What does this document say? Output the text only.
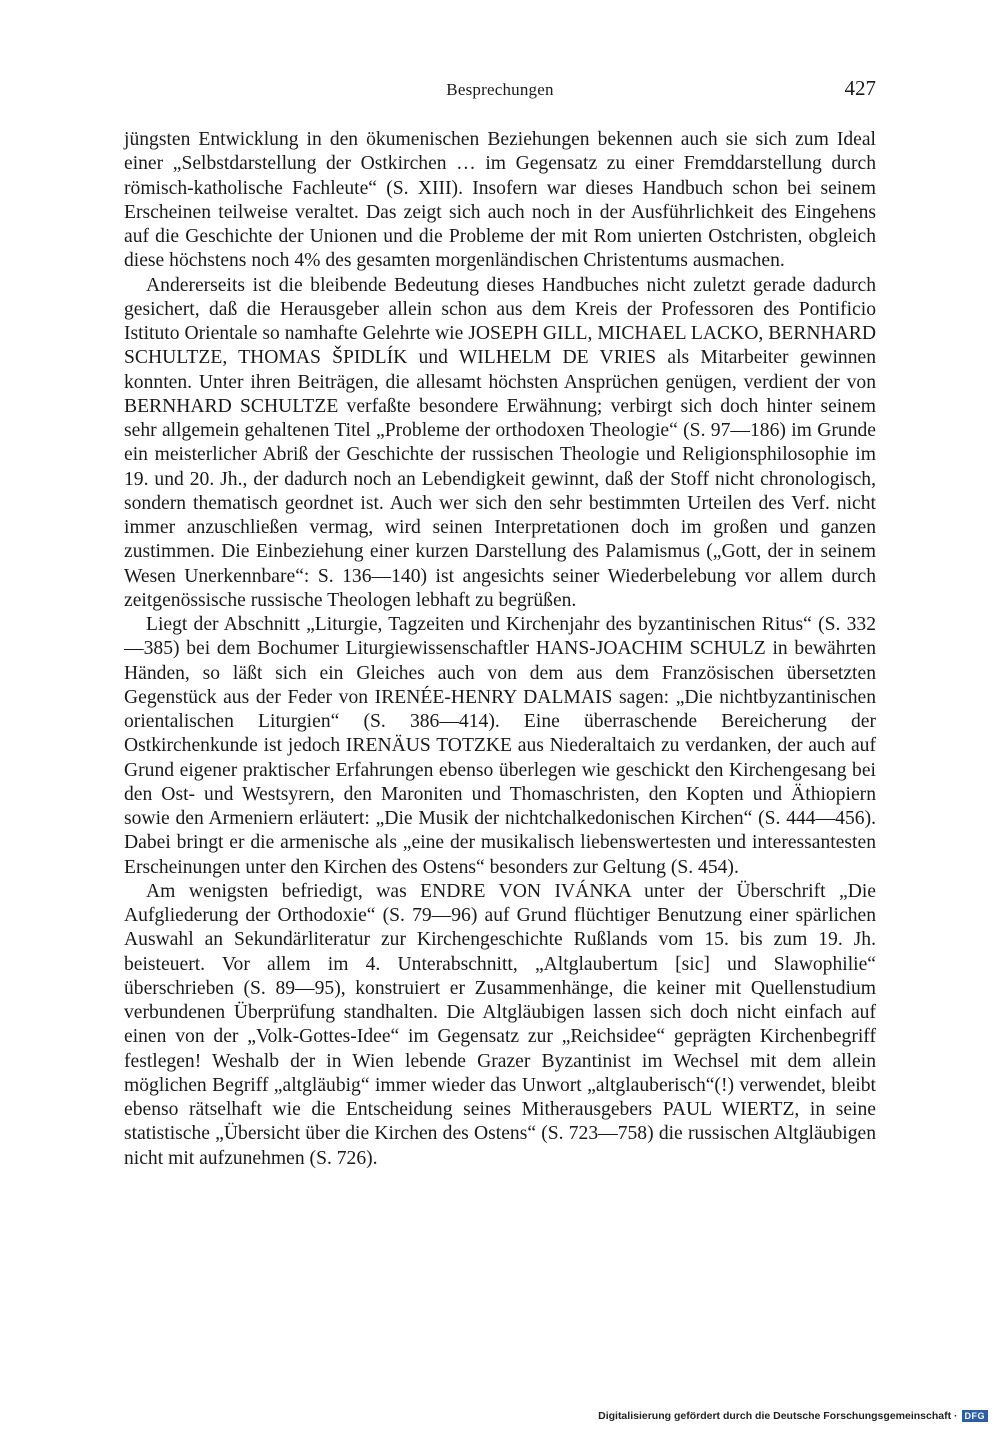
Besprechungen	427

jüngsten Entwicklung in den ökumenischen Beziehungen bekennen auch sie sich zum Ideal einer „Selbstdarstellung der Ostkirchen … im Gegensatz zu einer Fremddarstellung durch römisch-katholische Fachleute“ (S. XIII). Insofern war dieses Handbuch schon bei seinem Erscheinen teilweise veraltet. Das zeigt sich auch noch in der Ausführlichkeit des Eingehens auf die Geschichte der Unionen und die Probleme der mit Rom unierten Ostchristen, obgleich diese höchstens noch 4% des gesamten morgenländischen Christentums ausmachen.

Andererseits ist die bleibende Bedeutung dieses Handbuches nicht zuletzt gerade dadurch gesichert, daß die Herausgeber allein schon aus dem Kreis der Professoren des Pontificio Istituto Orientale so namhafte Gelehrte wie JOSEPH GILL, MICHAEL LACKO, BERNHARD SCHULTZE, THOMAS ŠPIDLÍK und WILHELM DE VRIES als Mitarbeiter gewinnen konnten. Unter ihren Beiträgen, die allesamt höchsten Ansprüchen genügen, verdient der von BERNHARD SCHULTZE verfaßte besondere Erwähnung; verbirgt sich doch hinter seinem sehr allgemein gehaltenen Titel „Probleme der orthodoxen Theologie“ (S. 97—186) im Grunde ein meisterlicher Abriß der Geschichte der russischen Theologie und Religionsphilosophie im 19. und 20. Jh., der dadurch noch an Lebendigkeit gewinnt, daß der Stoff nicht chronologisch, sondern thematisch geordnet ist. Auch wer sich den sehr bestimmten Urteilen des Verf. nicht immer anzuschließen vermag, wird seinen Interpretationen doch im großen und ganzen zustimmen. Die Einbeziehung einer kurzen Darstellung des Palamismus („Gott, der in seinem Wesen Unerkennbare“: S. 136—140) ist angesichts seiner Wiederbelebung vor allem durch zeitgenössische russische Theologen lebhaft zu begrüßen.

Liegt der Abschnitt „Liturgie, Tagzeiten und Kirchenjahr des byzantinischen Ritus“ (S. 332—385) bei dem Bochumer Liturgiewissenschaftler HANS-JOACHIM SCHULZ in bewährten Händen, so läßt sich ein Gleiches auch von dem aus dem Französischen übersetzten Gegenstück aus der Feder von IRENÉE-HENRY DALMAIS sagen: „Die nichtbyzantinischen orientalischen Liturgien“ (S. 386—414). Eine überraschende Bereicherung der Ostkirchenkunde ist jedoch IRENÄUS TOTZKE aus Niederaltaich zu verdanken, der auch auf Grund eigener praktischer Erfahrungen ebenso überlegen wie geschickt den Kirchengesang bei den Ost- und Westsyrern, den Maroniten und Thomaschristen, den Kopten und Äthiopiern sowie den Armeniern erläutert: „Die Musik der nichtchalkedonischen Kirchen“ (S. 444—456). Dabei bringt er die armenische als „eine der musikalisch liebenswertesten und interessantesten Erscheinungen unter den Kirchen des Ostens“ besonders zur Geltung (S. 454).

Am wenigsten befriedigt, was ENDRE VON IVÁNKA unter der Überschrift „Die Aufgliederung der Orthodoxie“ (S. 79—96) auf Grund flüchtiger Benutzung einer spärlichen Auswahl an Sekundärliteratur zur Kirchengeschichte Rußlands vom 15. bis zum 19. Jh. beisteuert. Vor allem im 4. Unterabschnitt, „Altglaubertum [sic] und Slawophilie“ überschrieben (S. 89—95), konstruiert er Zusammenhänge, die keiner mit Quellenstudium verbundenen Überprüfung standhalten. Die Altgläubigen lassen sich doch nicht einfach auf einen von der „Volk-Gottes-Idee“ im Gegensatz zur „Reichsidee“ geprägten Kirchenbegriff festlegen! Weshalb der in Wien lebende Grazer Byzantinist im Wechsel mit dem allein möglichen Begriff „altgläubig“ immer wieder das Unwort „altglauberisch“(!) verwendet, bleibt ebenso rätselhaft wie die Entscheidung seines Mitherausgebers PAUL WIERTZ, in seine statistische „Übersicht über die Kirchen des Ostens“ (S. 723—758) die russischen Altgläubigen nicht mit aufzunehmen (S. 726).

Digitalisierung gefördert durch die Deutsche Forschungsgemeinschaft · DFG
